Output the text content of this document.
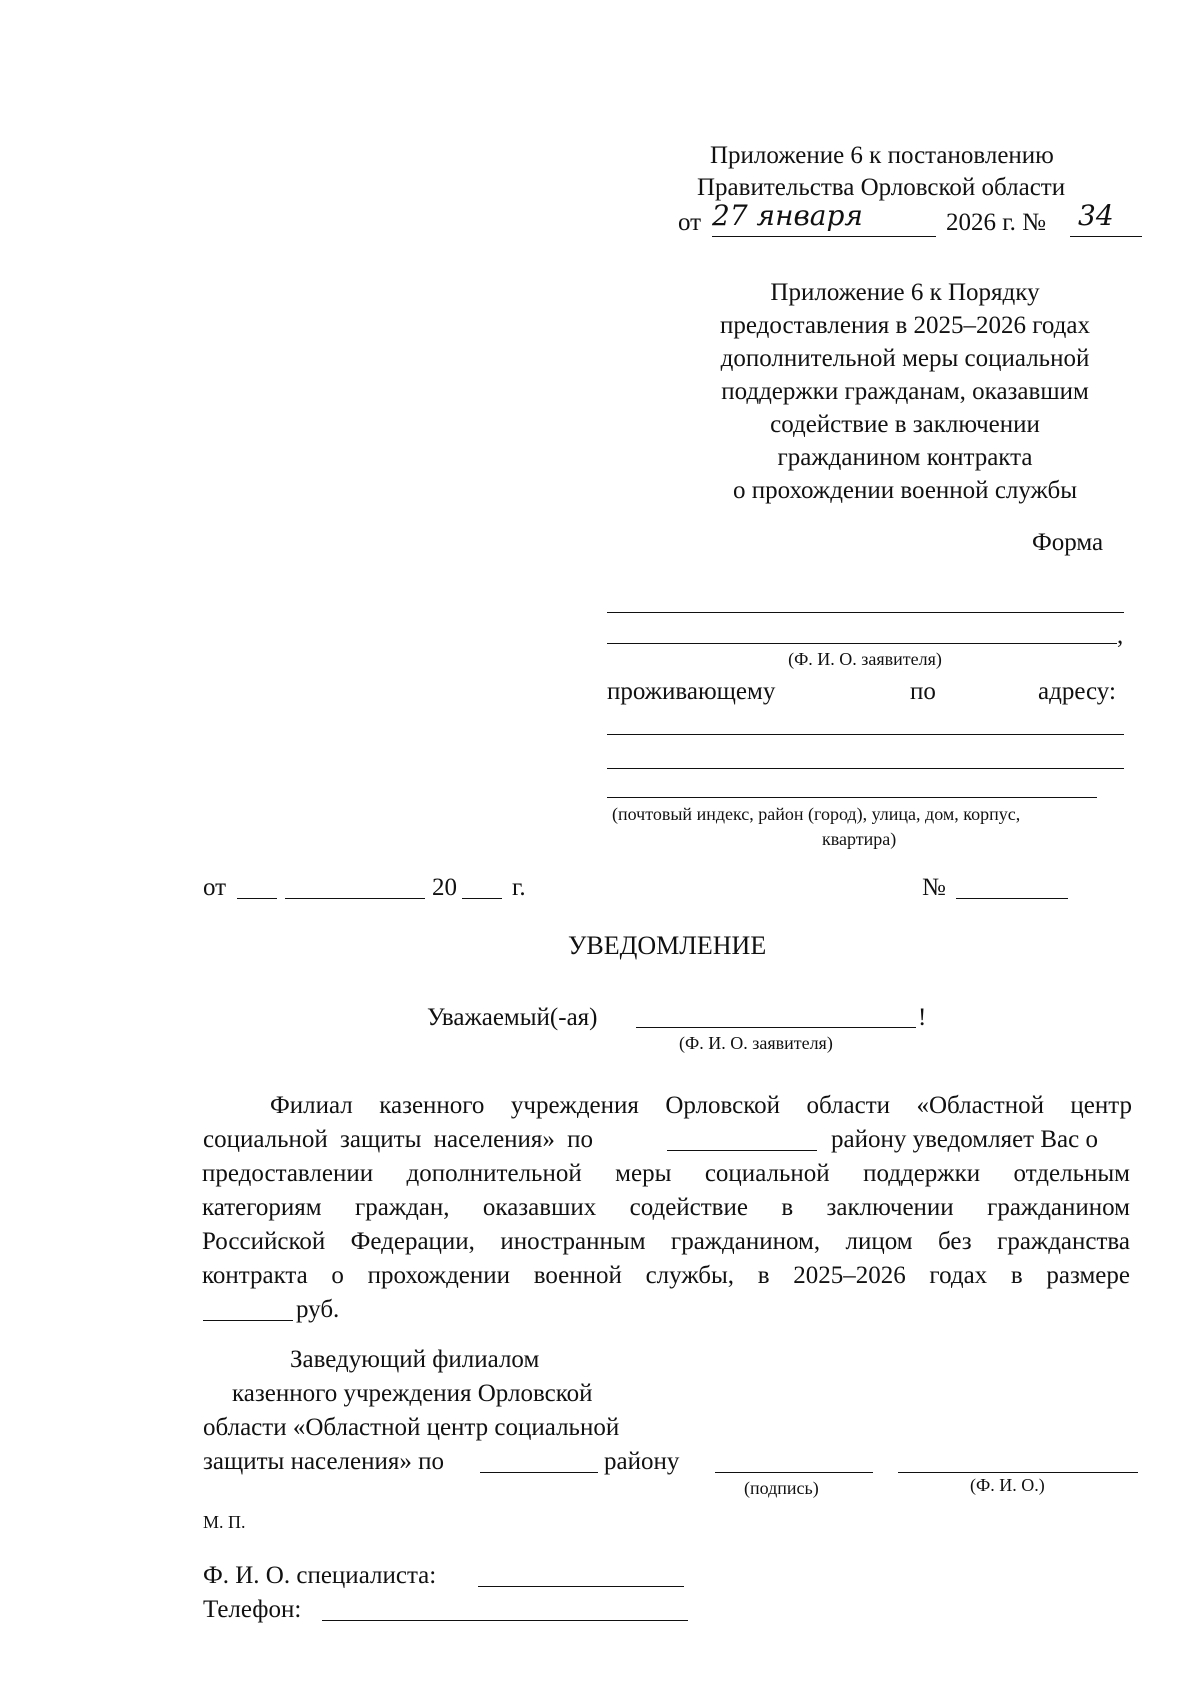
Приложение 6 к постановлению
Правительства Орловской области
от 27 января	2026 г. № 34
Приложение 6 к Порядку
предоставления в 2025–2026 годах
дополнительной меры социальной
поддержки гражданам, оказавшим
содействие в заключении
гражданином контракта
о прохождении военной службы
Форма
,
(Ф. И. О. заявителя)
проживающему	по	адресу:
(почтовый индекс, район (город), улица, дом, корпус,
квартира)
от	20 г.	№
УВЕДОМЛЕНИЕ
Уважаемый(-ая)	!
(Ф. И. О. заявителя)
Филиал казенного учреждения Орловской области «Областной центр
социальной защиты населения» по	району уведомляет Вас о
предоставлении дополнительной меры социальной поддержки отдельным
категориям граждан, оказавших содействие в заключении гражданином
Российской Федерации, иностранным гражданином, лицом без гражданства
контракта о прохождении военной службы, в 2025–2026 годах в размере
руб.
Заведующий филиалом
казенного учреждения Орловской
области «Областной центр социальной
защиты населения» по	району
(подпись)	(Ф. И. О.)
М. П.
Ф. И. О. специалиста:
Телефон:
